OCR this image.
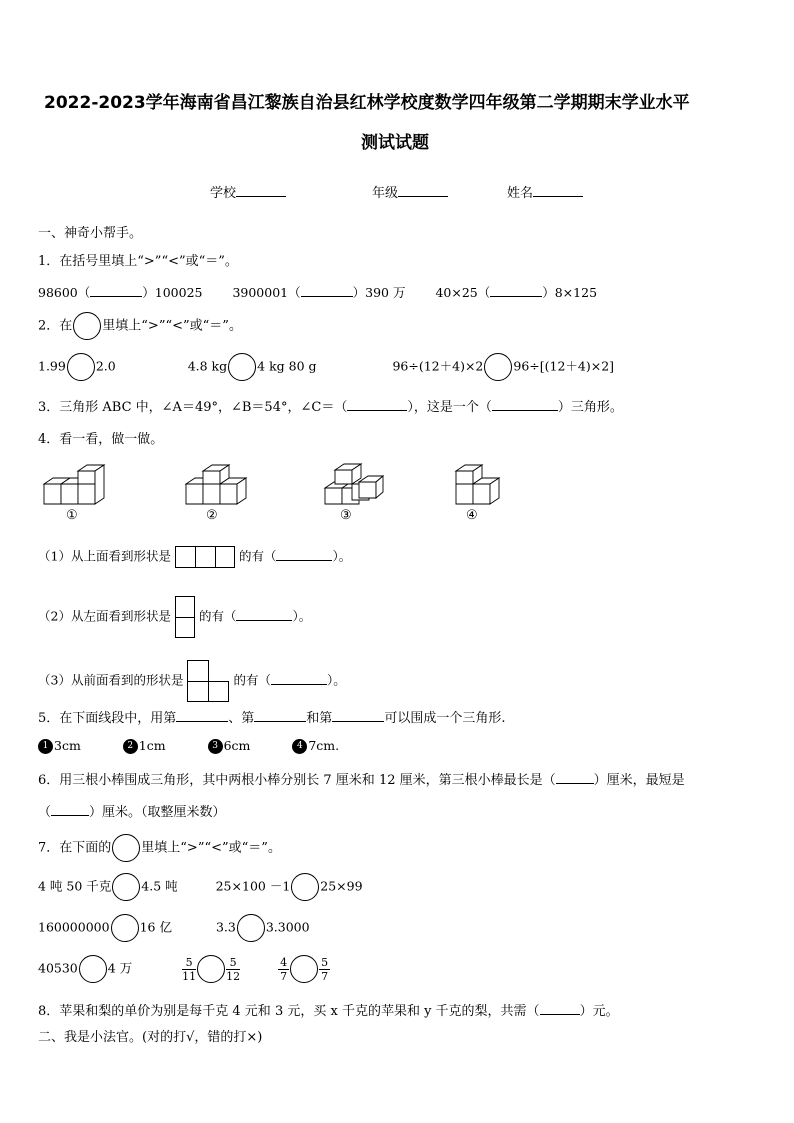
2022-2023学年海南省昌江黎族自治县红林学校度数学四年级第二学期期末学业水平
测试试题
学校	年级	姓名
一、神奇小帮手。
1．在括号里填上“>”“<”或“＝”。
98600（	）100025 3900001（	）390 万 40×25（	）8×125
2．在 里填上“>”“<”或“＝”。
1.99 2.0	4.8 kg 4 kg 80 g	96÷(12＋4)×2 96÷[(12＋4)×2]
3．三角形 ABC 中，∠A＝49°，∠B＝54°，∠C＝（	），这是一个（	）三角形。
4．看一看，做一做。
①	②	③	④
（1）从上面看到形状是	的有（	）。
（2）从左面看到形状是 的有（	）。
（3）从前面看到的形状是	的有（	）。
5．在下面线段中，用第	、第	和第	可以围成一个三角形.
1 3cm	2 1cm	3 6cm	4 7cm.
6．用三根小棒围成三角形，其中两根小棒分别长 7 厘米和 12 厘米，第三根小棒最长是（	）厘米，最短是
（	）厘米。（取整厘米数）
7．在下面的 里填上“>”“<”或“＝”。
4 吨 50 千克 4.5 吨	25×100 －1 25×99
160000000 16 亿	3.3 3.3000
40530 4 万	$\frac{5}{11}$	$\frac{5}{12}$
	$\frac{4}{7}$	$\frac{5}{7}$
8．苹果和梨的单价为别是每千克 4 元和 3 元，买 x 千克的苹果和 y 千克的梨，共需（	）元。
二、我是小法官。(对的打√，错的打×)
